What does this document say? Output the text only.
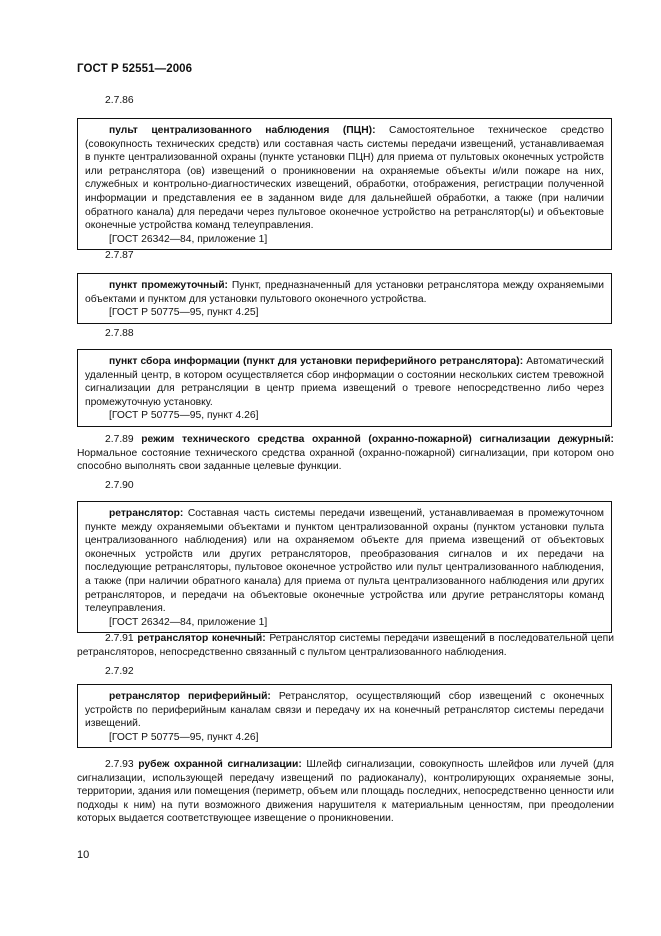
ГОСТ Р 52551—2006
2.7.86

пульт централизованного наблюдения (ПЦН): Самостоятельное техническое средство (совокупность технических средств) или составная часть системы передачи извещений, устанавливаемая в пункте централизованной охраны (пункте установки ПЦН) для приема от пультовых оконечных устройств или ретранслятора (ов) извещений о проникновении на охраняемые объекты и/или пожаре на них, служебных и контрольно-диагностических извещений, обработки, отображения, регистрации полученной информации и представления ее в заданном виде для дальнейшей обработки, а также (при наличии обратного канала) для передачи через пультовое оконечное устройство на ретранслятор(ы) и объектовые оконечные устройства команд телеуправления.

[ГОСТ 26342—84, приложение 1]

2.7.87

пункт промежуточный: Пункт, предназначенный для установки ретранслятора между охраняемыми объектами и пунктом для установки пультового оконечного устройства.

[ГОСТ Р 50775—95, пункт 4.25]

2.7.88

пункт сбора информации (пункт для установки периферийного ретранслятора): Автоматический удаленный центр, в котором осуществляется сбор информации о состоянии нескольких систем тревожной сигнализации для ретрансляции в центр приема извещений о тревоге непосредственно либо через промежуточную установку.

[ГОСТ Р 50775—95, пункт 4.26]

2.7.89 режим технического средства охранной (охранно-пожарной) сигнализации дежурный: Нормальное состояние технического средства охранной (охранно-пожарной) сигнализации, при котором оно способно выполнять свои заданные целевые функции.

2.7.90

ретранслятор: Составная часть системы передачи извещений, устанавливаемая в промежуточном пункте между охраняемыми объектами и пунктом централизованной охраны (пунктом установки пульта централизованного наблюдения) или на охраняемом объекте для приема извещений от объектовых оконечных устройств или других ретрансляторов, преобразования сигналов и их передачи на последующие ретрансляторы, пультовое оконечное устройство или пульт централизованного наблюдения, а также (при наличии обратного канала) для приема от пульта централизованного наблюдения или других ретрансляторов, и передачи на объектовые оконечные устройства или другие ретрансляторы команд телеуправления.

[ГОСТ 26342—84, приложение 1]

2.7.91 ретранслятор конечный: Ретранслятор системы передачи извещений в последовательной цепи ретрансляторов, непосредственно связанный с пультом централизованного наблюдения.

2.7.92

ретранслятор периферийный: Ретранслятор, осуществляющий сбор извещений с оконечных устройств по периферийным каналам связи и передачу их на конечный ретранслятор системы передачи извещений.

[ГОСТ Р 50775—95, пункт 4.26]

2.7.93 рубеж охранной сигнализации: Шлейф сигнализации, совокупность шлейфов или лучей (для сигнализации, использующей передачу извещений по радиоканалу), контролирующих охраняемые зоны, территории, здания или помещения (периметр, объем или площадь последних, непосредственно ценности или подходы к ним) на пути возможного движения нарушителя к материальным ценностям, при преодолении которых выдается соответствующее извещение о проникновении.

10
